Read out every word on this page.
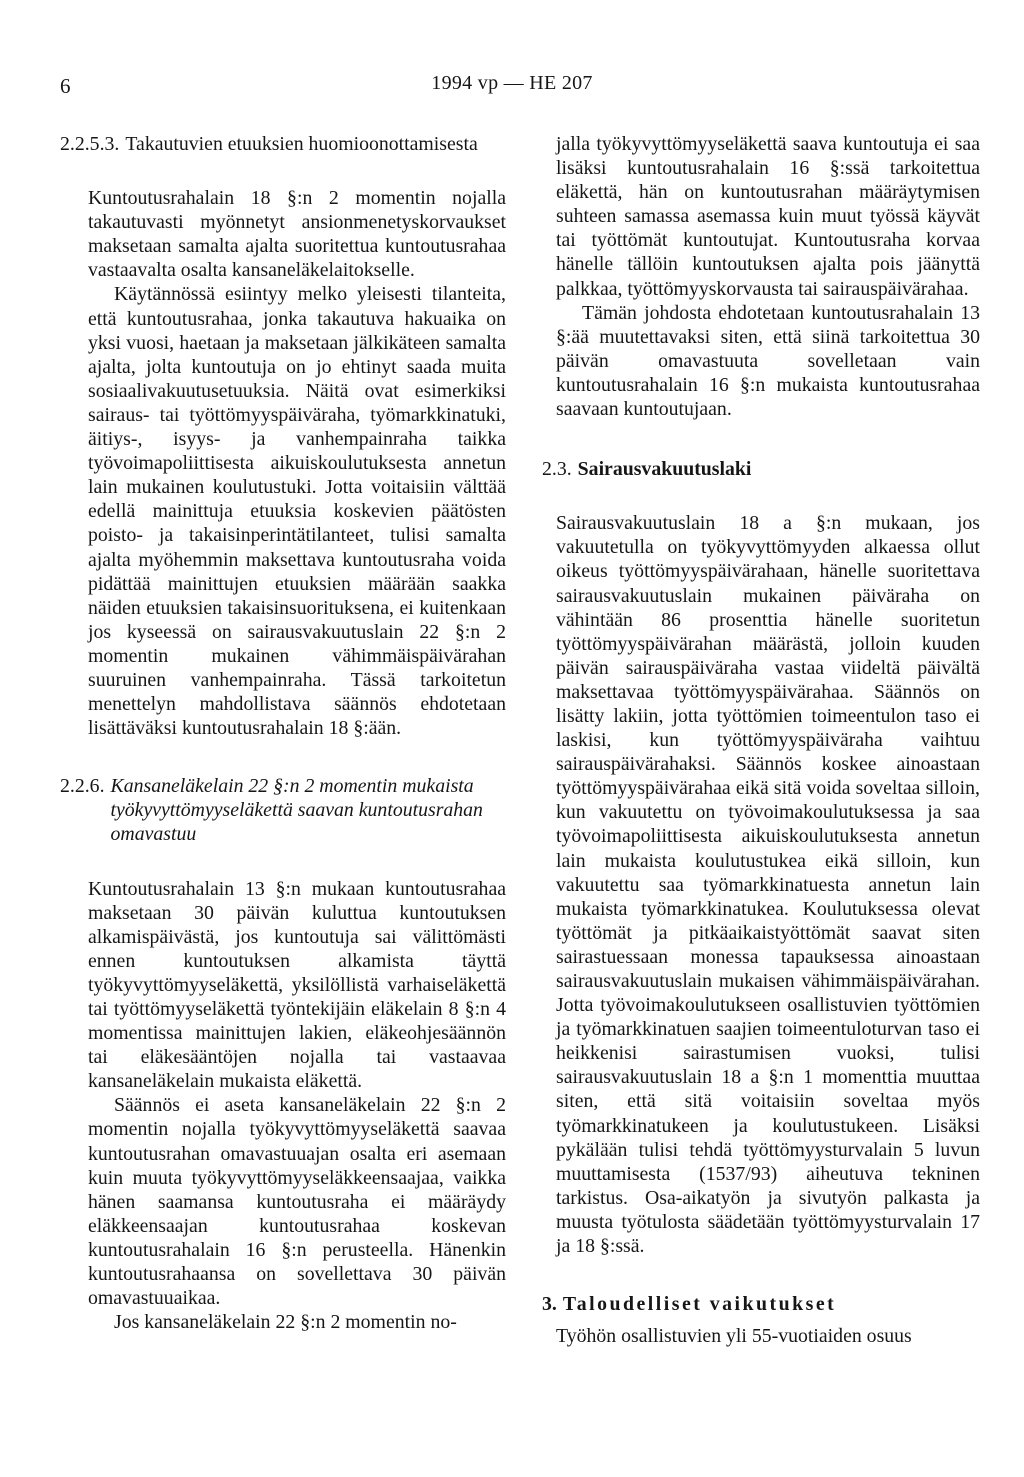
6	1994 vp — HE 207
2.2.5.3. Takautuvien etuuksien huomioonottamisesta

Kuntoutusrahalain 18 §:n 2 momentin nojalla takautuvasti myönnetyt ansionmenetyskorvaukset maksetaan samalta ajalta suoritettua kuntoutusrahaa vastaavalta osalta kansaneläkelaitokselle.

Käytännössä esiintyy melko yleisesti tilanteita, että kuntoutusrahaa, jonka takautuva hakuaika on yksi vuosi, haetaan ja maksetaan jälkikäteen samalta ajalta, jolta kuntoutuja on jo ehtinyt saada muita sosiaalivakuutusetuuksia. Näitä ovat esimerkiksi sairaus- tai työttömyyspäiväraha, työmarkkinatuki, äitiys-, isyys- ja vanhempainraha taikka työvoimapoliittisesta aikuiskoulutuksesta annetun lain mukainen koulutustuki. Jotta voitaisiin välttää edellä mainittuja etuuksia koskevien päätösten poisto- ja takaisinperintätilanteet, tulisi samalta ajalta myöhemmin maksettava kuntoutusraha voida pidättää mainittujen etuuksien määrään saakka näiden etuuksien takaisinsuorituksena, ei kuitenkaan jos kyseessä on sairausvakuutuslain 22 §:n 2 momentin mukainen vähimmäispäivärahan suuruinen vanhempainraha. Tässä tarkoitetun menettelyn mahdollistava säännös ehdotetaan lisättäväksi kuntoutusrahalain 18 §:ään.

2.2.6. Kansaneläkelain 22 §:n 2 momentin mukaista työkyvyttömyyseläkettä saavan kuntoutusrahan omavastuu

Kuntoutusrahalain 13 §:n mukaan kuntoutusrahaa maksetaan 30 päivän kuluttua kuntoutuksen alkamispäivästä, jos kuntoutuja sai välittömästi ennen kuntoutuksen alkamista täyttä työkyvyttömyyseläkettä, yksilöllistä varhaiseläkettä tai työttömyyseläkettä työntekijäin eläkelain 8 §:n 4 momentissa mainittujen lakien, eläkeohjesäännön tai eläkesääntöjen nojalla tai vastaavaa kansaneläkelain mukaista eläkettä.

Säännös ei aseta kansaneläkelain 22 §:n 2 momentin nojalla työkyvyttömyyseläkettä saavaa kuntoutusrahan omavastuuajan osalta eri asemaan kuin muuta työkyvyttömyyseläkkeensaajaa, vaikka hänen saamansa kuntoutusraha ei määräydy eläkkeensaajan kuntoutusrahaa koskevan kuntoutusrahalain 16 §:n perusteella. Hänenkin kuntoutusrahaansa on sovellettava 30 päivän omavastuuaikaa.

Jos kansaneläkelain 22 §:n 2 momentin no-

jalla työkyvyttömyyseläkettä saava kuntoutuja ei saa lisäksi kuntoutusrahalain 16 §:ssä tarkoitettua eläkettä, hän on kuntoutusrahan määräytymisen suhteen samassa asemassa kuin muut työssä käyvät tai työttömät kuntoutujat. Kuntoutusraha korvaa hänelle tällöin kuntoutuksen ajalta pois jäänyttä palkkaa, työttömyyskorvausta tai sairauspäivärahaa.

Tämän johdosta ehdotetaan kuntoutusrahalain 13 §:ää muutettavaksi siten, että siinä tarkoitettua 30 päivän omavastuuta sovelletaan vain kuntoutusrahalain 16 §:n mukaista kuntoutusrahaa saavaan kuntoutujaan.

2.3. Sairausvakuutuslaki

Sairausvakuutuslain 18 a §:n mukaan, jos vakuutetulla on työkyvyttömyyden alkaessa ollut oikeus työttömyyspäivärahaan, hänelle suoritettava sairausvakuutuslain mukainen päiväraha on vähintään 86 prosenttia hänelle suoritetun työttömyyspäivärahan määrästä, jolloin kuuden päivän sairauspäiväraha vastaa viideltä päivältä maksettavaa työttömyyspäivärahaa. Säännös on lisätty lakiin, jotta työttömien toimeentulon taso ei laskisi, kun työttömyyspäiväraha vaihtuu sairauspäivärahaksi. Säännös koskee ainoastaan työttömyyspäivärahaa eikä sitä voida soveltaa silloin, kun vakuutettu on työvoimakoulutuksessa ja saa työvoimapoliittisesta aikuiskoulutuksesta annetun lain mukaista koulutustukea eikä silloin, kun vakuutettu saa työmarkkinatuesta annetun lain mukaista työmarkkinatukea. Koulutuksessa olevat työttömät ja pitkäaikaistyöttömät saavat siten sairastuessaan monessa tapauksessa ainoastaan sairausvakuutuslain mukaisen vähimmäispäivärahan. Jotta työvoimakoulutukseen osallistuvien työttömien ja työmarkkinatuen saajien toimeentuloturvan taso ei heikkenisi sairastumisen vuoksi, tulisi sairausvakuutuslain 18 a §:n 1 momenttia muuttaa siten, että sitä voitaisiin soveltaa myös työmarkkinatukeen ja koulutustukeen. Lisäksi pykälään tulisi tehdä työttömyysturvalain 5 luvun muuttamisesta (1537/93) aiheutuva tekninen tarkistus. Osa-aikatyön ja sivutyön palkasta ja muusta työtulosta säädetään työttömyysturvalain 17 ja 18 §:ssä.

3. Taloudelliset vaikutukset

Työhön osallistuvien yli 55-vuotiaiden osuus
